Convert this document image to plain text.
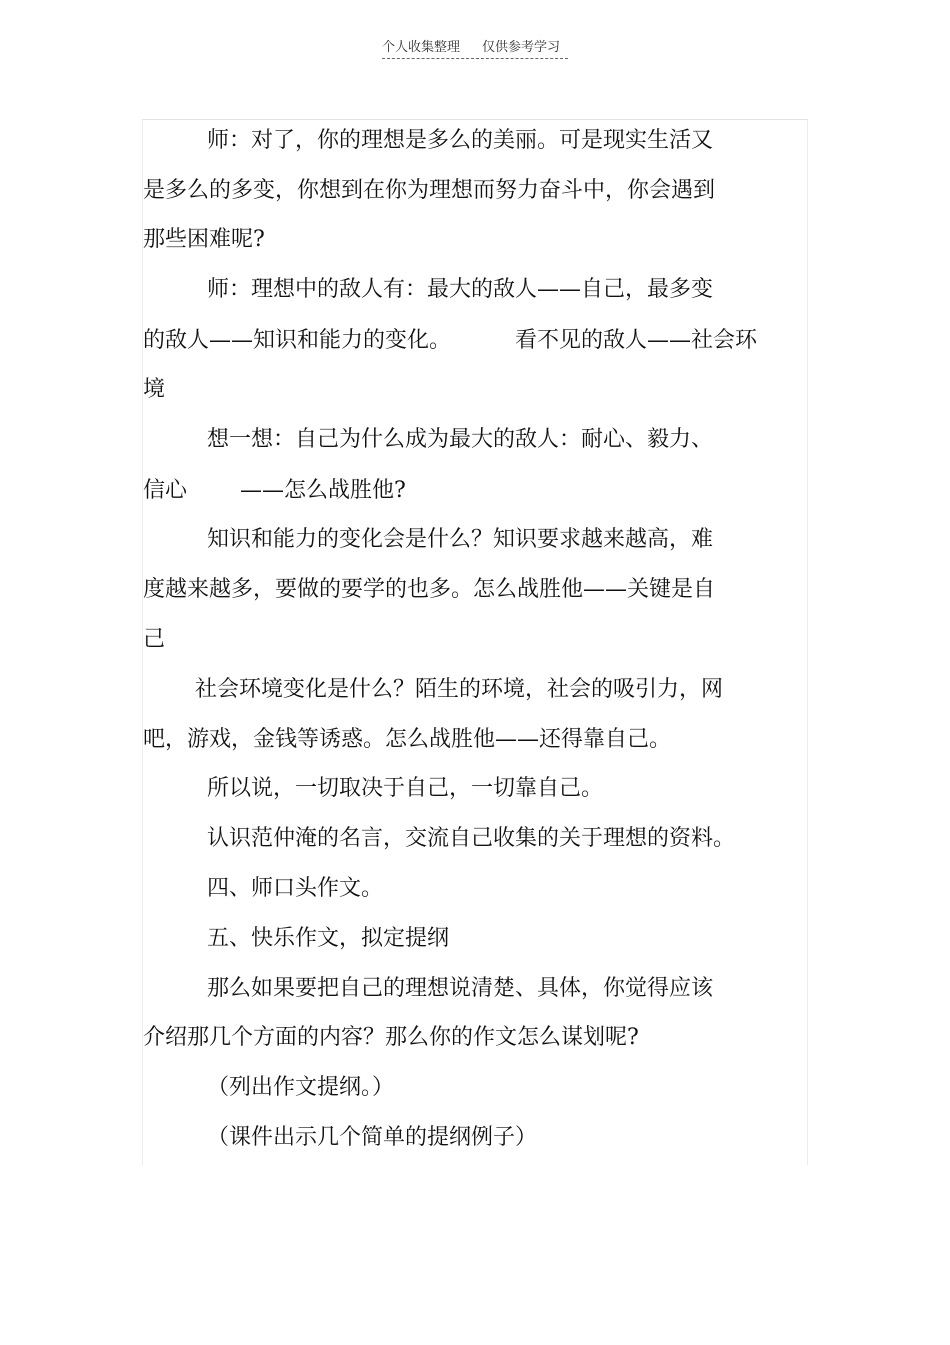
个人收集整理 仅供参考学习
师：对了，你的理想是多么的美丽。可是现实生活又
是多么的多变，你想到在你为理想而努力奋斗中，你会遇到
那些困难呢?
师：理想中的敌人有：最大的敌人——自己，最多变
的敌人——知识和能力的变化。	看不见的敌人——社会环
境
想一想：自己为什么成为最大的敌人：耐心、毅力、
信心 ——怎么战胜他?
知识和能力的变化会是什么？知识要求越来越高，难
度越来越多，要做的要学的也多。怎么战胜他——关键是自
己
社会环境变化是什么？陌生的环境，社会的吸引力，网
吧，游戏，金钱等诱惑。怎么战胜他——还得靠自己。
所以说，一切取决于自己，一切靠自己。
认识范仲淹的名言，交流自己收集的关于理想的资料。
四、师口头作文。
五、快乐作文，拟定提纲
那么如果要把自己的理想说清楚、具体，你觉得应该
介绍那几个方面的内容？那么你的作文怎么谋划呢?
（列出作文提纲。）
（课件出示几个简单的提纲例子）
